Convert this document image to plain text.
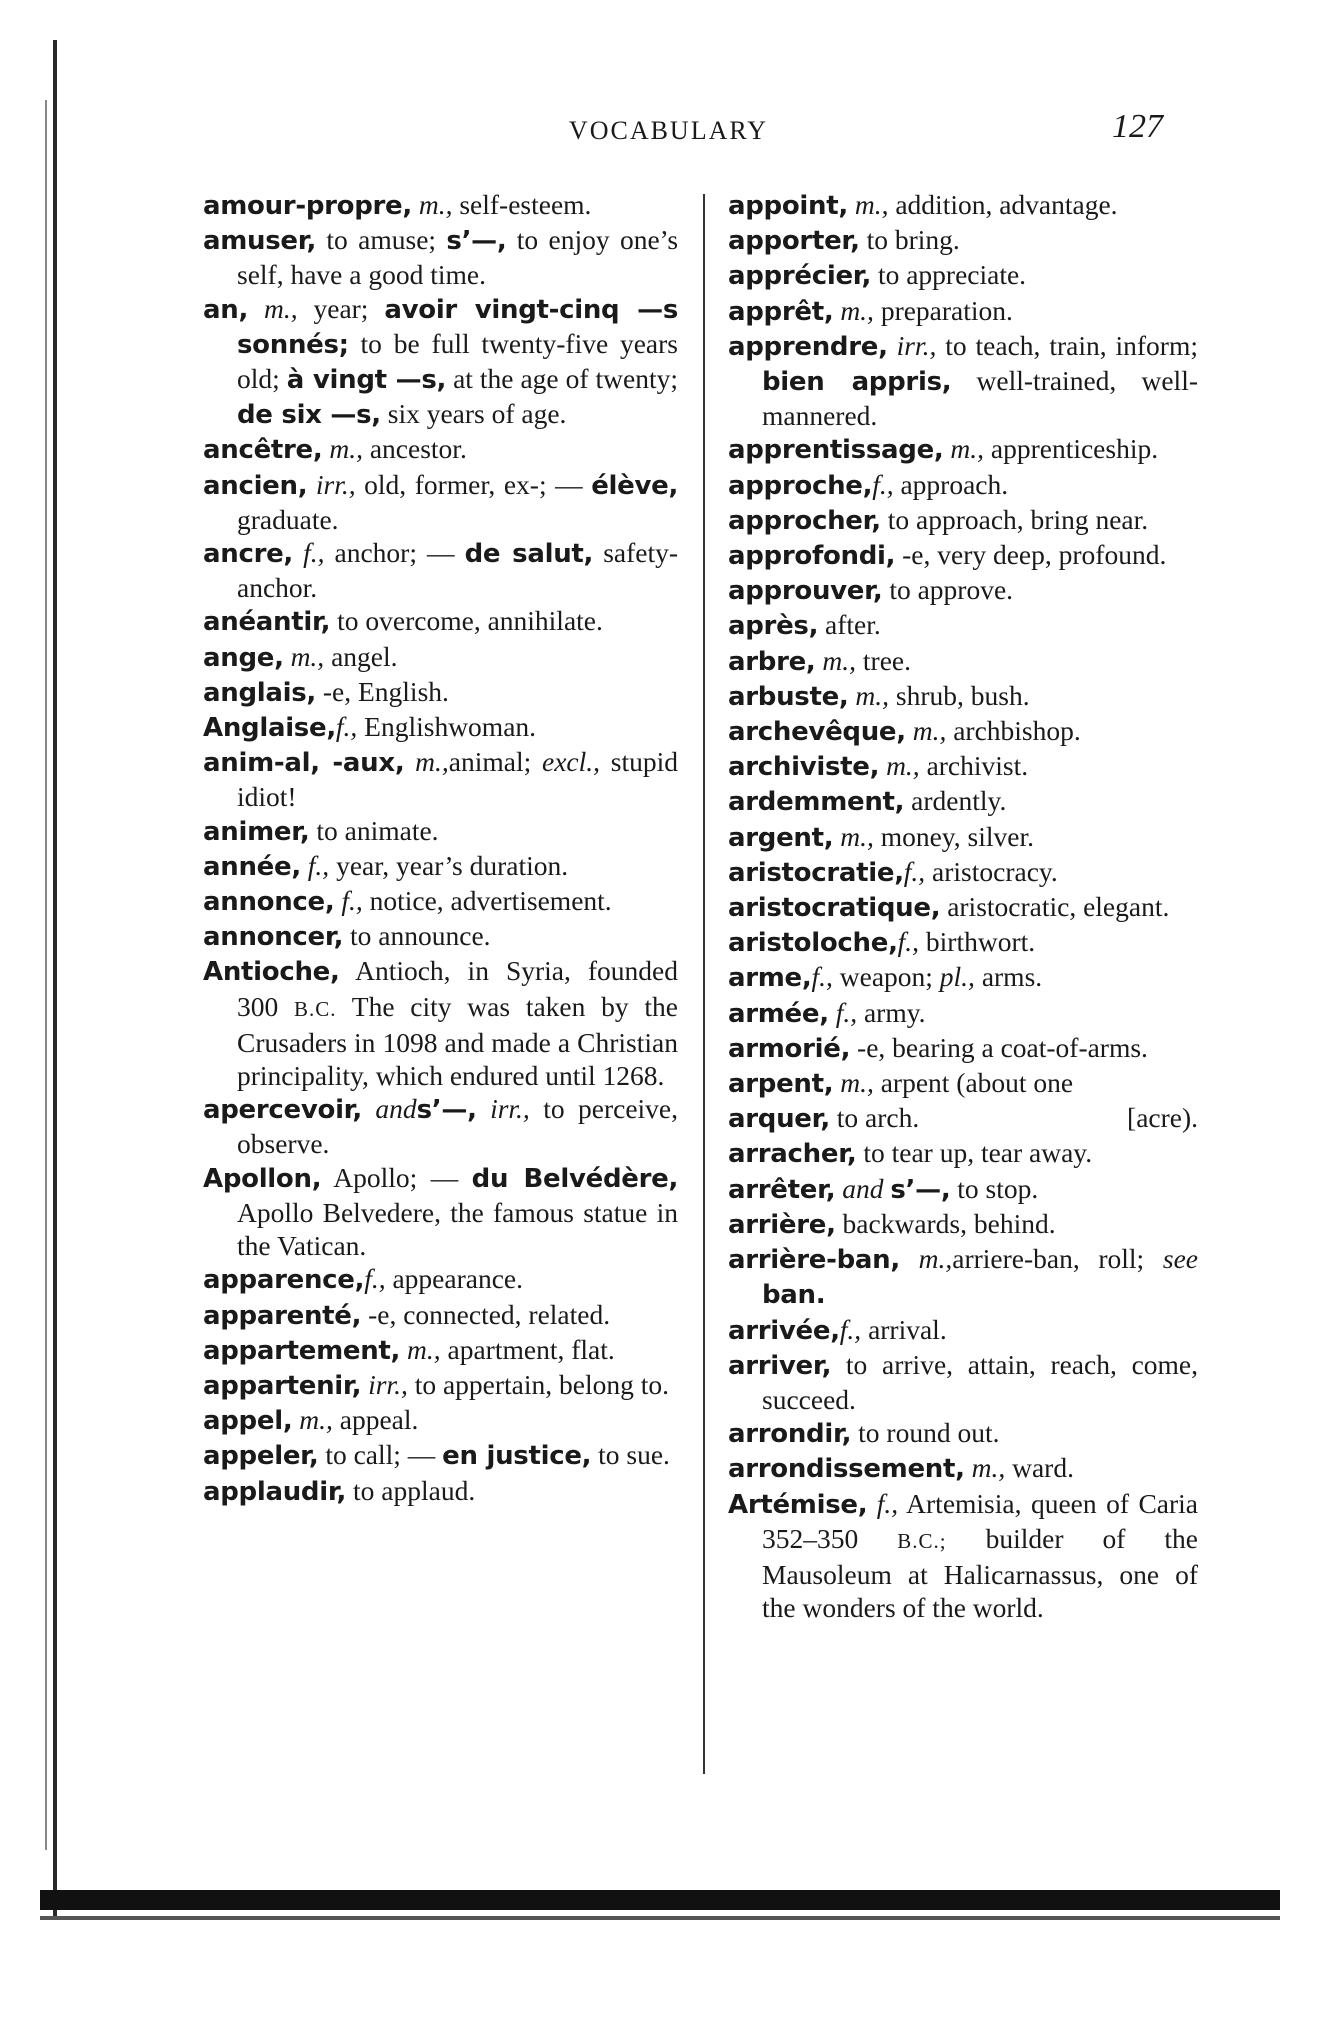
VOCABULARY	127
amour-propre, m., self-esteem.
amuser, to amuse; s’—, to enjoy one’s self, have a good time.
an, m., year; avoir vingt-cinq —s sonnés; to be full twenty-five years old; à vingt —s, at the age of twenty; de six —s, six years of age.
ancêtre, m., ancestor.
ancien, irr., old, former, ex-; — élève, graduate.
ancre, f., anchor; — de salut, safety-anchor.
anéantir, to overcome, annihilate.
ange, m., angel.
anglais, -e, English.
Anglaise,f., Englishwoman.
anim-al, -aux, m.,animal; excl., stupid idiot!
animer, to animate.
année, f., year, year’s duration.
annonce, f., notice, advertisement.
annoncer, to announce.
Antioche, Antioch, in Syria, founded 300 B.C. The city was taken by the Crusaders in 1098 and made a Christian principality, which endured until 1268.
apercevoir, ands’—, irr., to perceive, observe.
Apollon, Apollo; — du Belvédère, Apollo Belvedere, the famous statue in the Vatican.
apparence,f., appearance.
apparenté, -e, connected, related.
appartement, m., apartment, flat.
appartenir, irr., to appertain, belong to.
appel, m., appeal.
appeler, to call; — en justice, to sue.
applaudir, to applaud.
appoint, m., addition, advantage.
apporter, to bring.
apprécier, to appreciate.
apprêt, m., preparation.
apprendre, irr., to teach, train, inform; bien appris, well-trained, well-mannered.
apprentissage, m., apprenticeship.
approche,f., approach.
approcher, to approach, bring near.
approfondi, -e, very deep, profound.
approuver, to approve.
après, after.
arbre, m., tree.
arbuste, m., shrub, bush.
archevêque, m., archbishop.
archiviste, m., archivist.
ardemment, ardently.
argent, m., money, silver.
aristocratie,f., aristocracy.
aristocratique, aristocratic, elegant.
aristoloche,f., birthwort.
arme,f., weapon; pl., arms.
armée, f., army.
armorié, -e, bearing a coat-of-arms.
arpent, m., arpent (about one
[acre).
arquer, to arch.
arracher, to tear up, tear away.
arrêter, and s’—, to stop.
arrière, backwards, behind.
arrière-ban, m.,arriere-ban, roll; see ban.
arrivée,f., arrival.
arriver, to arrive, attain, reach, come, succeed.
arrondir, to round out.
arrondissement, m., ward.
Artémise, f., Artemisia, queen of Caria 352–350 B.C.; builder of the Mausoleum at Halicarnassus, one of the wonders of the world.
